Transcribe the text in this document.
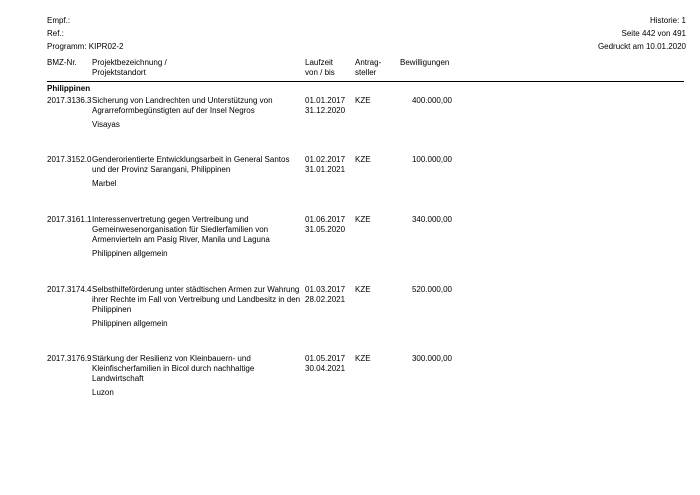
Empf.:
Ref.:
Programm: KIPR02-2
Historie: 1
Seite 442 von 491
Gedruckt am 10.01.2020
BMZ-Nr. Projektbezeichnung /
Projektstandort
Laufzeit
von / bis
Antrag-
steller
Bewilligungen
Philippinen
2017.3136.3 Sicherung von Landrechten und Unterstützung von Agrarreformbegünstigten auf der Insel Negros
Visayas
01.01.2017
31.12.2020
KZE	400.000,00
2017.3152.0 Genderorientierte Entwicklungsarbeit in General Santos und der Provinz Sarangani, Philippinen
Marbel
01.02.2017
31.01.2021
KZE	100.000,00
2017.3161.1 Interessenvertretung gegen Vertreibung und Gemeinwesenorganisation für Siedlerfamilien von Armenvierteln am Pasig River, Manila und Laguna
Philippinen allgemein
01.06.2017
31.05.2020
KZE	340.000,00
2017.3174.4 Selbsthilfeförderung unter städtischen Armen zur Wahrung ihrer Rechte im Fall von Vertreibung und Landbesitz in den Philippinen
Philippinen allgemein
01.03.2017
28.02.2021
KZE	520.000,00
2017.3176.9 Stärkung der Resilienz von Kleinbauern- und Kleinfischerfamilien in Bicol durch nachhaltige Landwirtschaft
Luzon
01.05.2017
30.04.2021
KZE	300.000,00
